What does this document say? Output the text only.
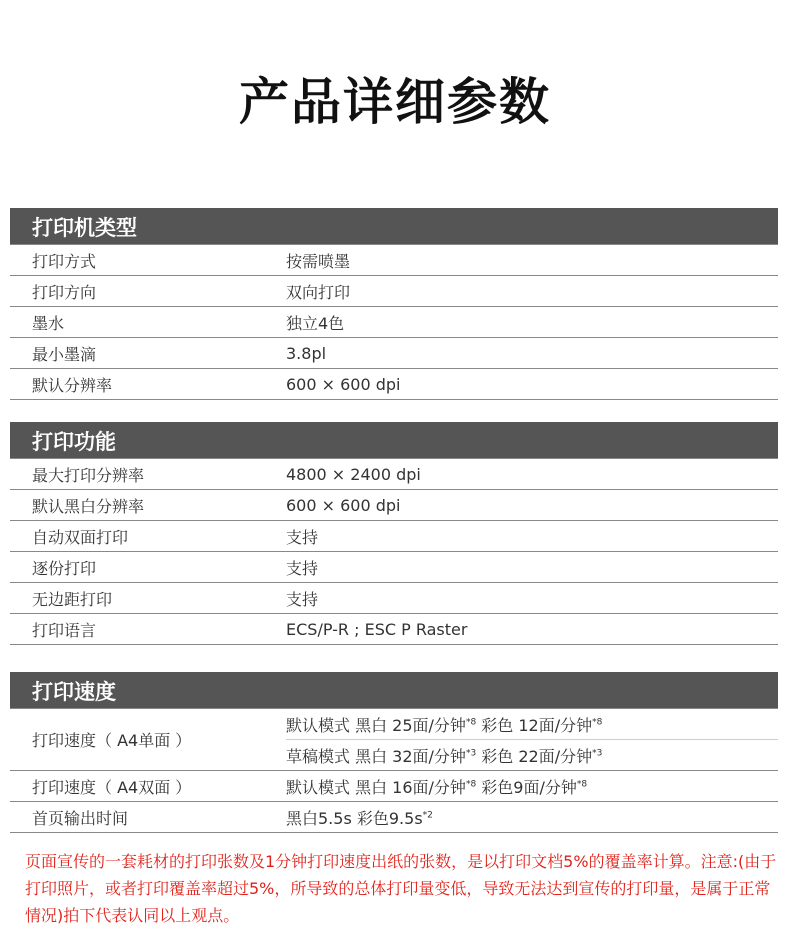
产品详细参数
打印机类型
打印方式	按需喷墨
打印方向	双向打印
墨水	独立4色
最小墨滴	3.8pl
默认分辨率	600 × 600 dpi
打印功能
最大打印分辨率	4800 × 2400 dpi
默认黑白分辨率	600 × 600 dpi
自动双面打印	支持
逐份打印	支持
无边距打印	支持
打印语言	ECS/P-R ; ESC P Raster
打印速度
打印速度（ A4单面 ）	默认模式 黑白 25面/分钟$^{*8}$ 彩色 12面/分钟$^{*8}$
	草稿模式 黑白 32面/分钟$^{*3}$ 彩色 22面/分钟$^{*3}$
打印速度（ A4双面 ）	默认模式 黑白 16面/分钟$^{*8}$ 彩色9面/分钟$^{*8}$
首页输出时间	黑白5.5s 彩色$9.5s^{*2}$
页面宣传的一套耗材的打印张数及1分钟打印速度出纸的张数，是以打印文档5%的覆盖率计算。注意:(由于打印照片，或者打印覆盖率超过5%，所导致的总体打印量变低，导致无法达到宣传的打印量，是属于正常情况)拍下代表认同以上观点。
